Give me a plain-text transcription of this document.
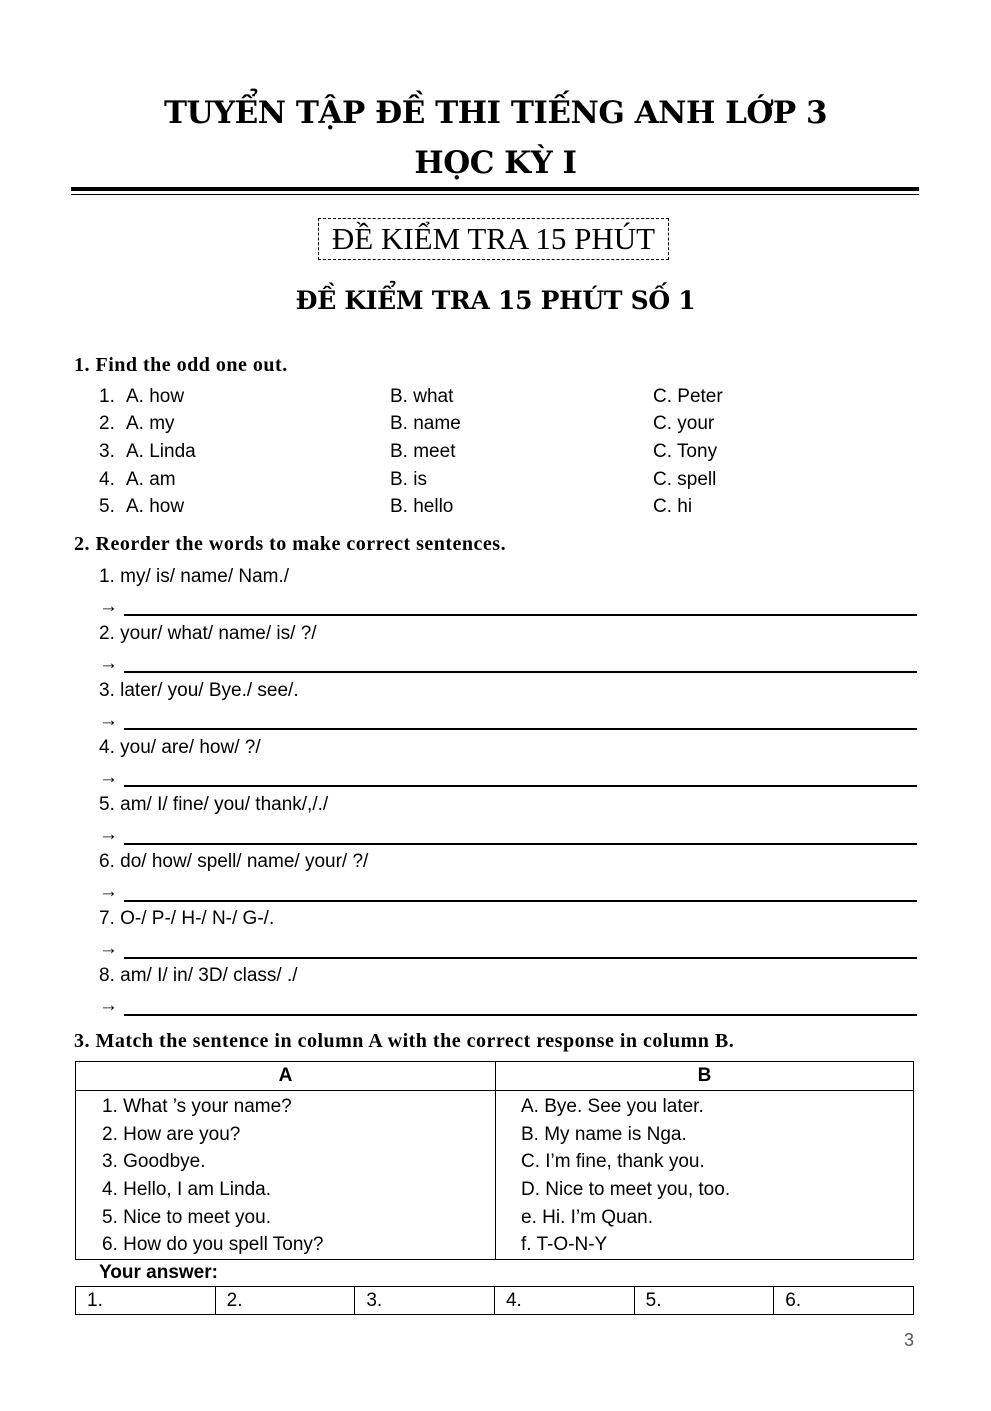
TUYỂN TẬP ĐỀ THI TIẾNG ANH LỚP 3
HỌC KỲ I
ĐỀ KIỂM TRA 15 PHÚT
ĐỀ KIỂM TRA 15 PHÚT SỐ 1
1. Find the odd one out.
1. A. how	B. what	C. Peter
2. A. my	B. name	C. your
3. A. Linda	B. meet	C. Tony
4. A. am	B. is	C. spell
5. A. how	B. hello	C. hi
2. Reorder the words to make correct sentences.
1. my/ is/ name/ Nam./
→
2. your/ what/ name/ is/ ?/
→
3. later/ you/ Bye./ see/.
→
4. you/ are/ how/ ?/
→
5. am/ I/ fine/ you/ thank/,/./
→
6. do/ how/ spell/ name/ your/ ?/
→
7. O-/ P-/ H-/ N-/ G-/.
→
8. am/ I/ in/ 3D/ class/ ./
→
3. Match the sentence in column A with the correct response in column B.
A	B
1. What ’s your name?	A. Bye. See you later.
2. How are you?	B. My name is Nga.
3. Goodbye.	C. I’m fine, thank you.
4. Hello, I am Linda.	D. Nice to meet you, too.
5. Nice to meet you.	e. Hi. I’m Quan.
6. How do you spell Tony?	f. T-O-N-Y
Your answer:
1.	2.	3.	4.	5.	6.
3
